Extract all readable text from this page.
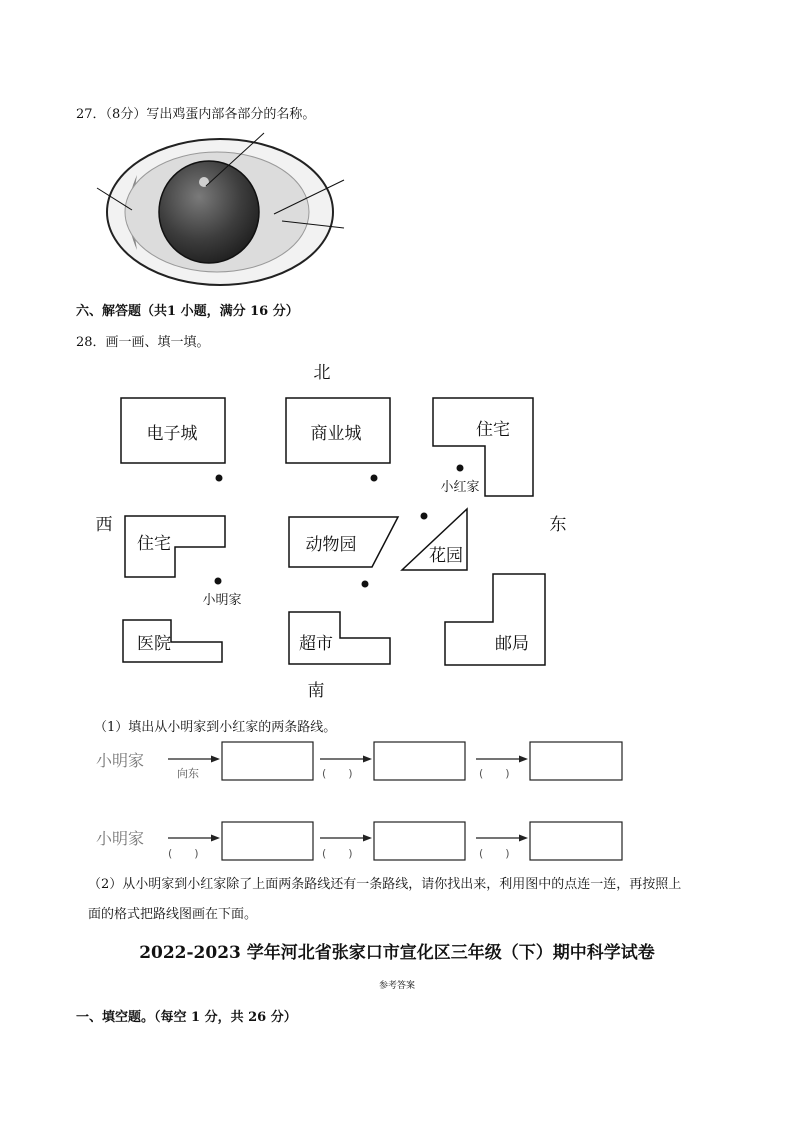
27．（8分）写出鸡蛋内部各部分的名称。
六、解答题（共1 小题，满分 16 分）
28．画一画、填一填。
北
南
西	东
电子城	商业城	住宅
住宅	动物园
花园
医院	超市	邮局
小红家
小明家
（1）填出从小明家到小红家的两条路线。
小明家
向东	(　　)	(　　)
小明家
(　　)	(　　)	(　　)
（2）从小明家到小红家除了上面两条路线还有一条路线，请你找出来，利用图中的点连一连，再按照上
面的格式把路线图画在下面。
2022-2023 学年河北省张家口市宣化区三年级（下）期中科学试卷
参考答案
一、填空题。（每空 1 分，共 26 分）
